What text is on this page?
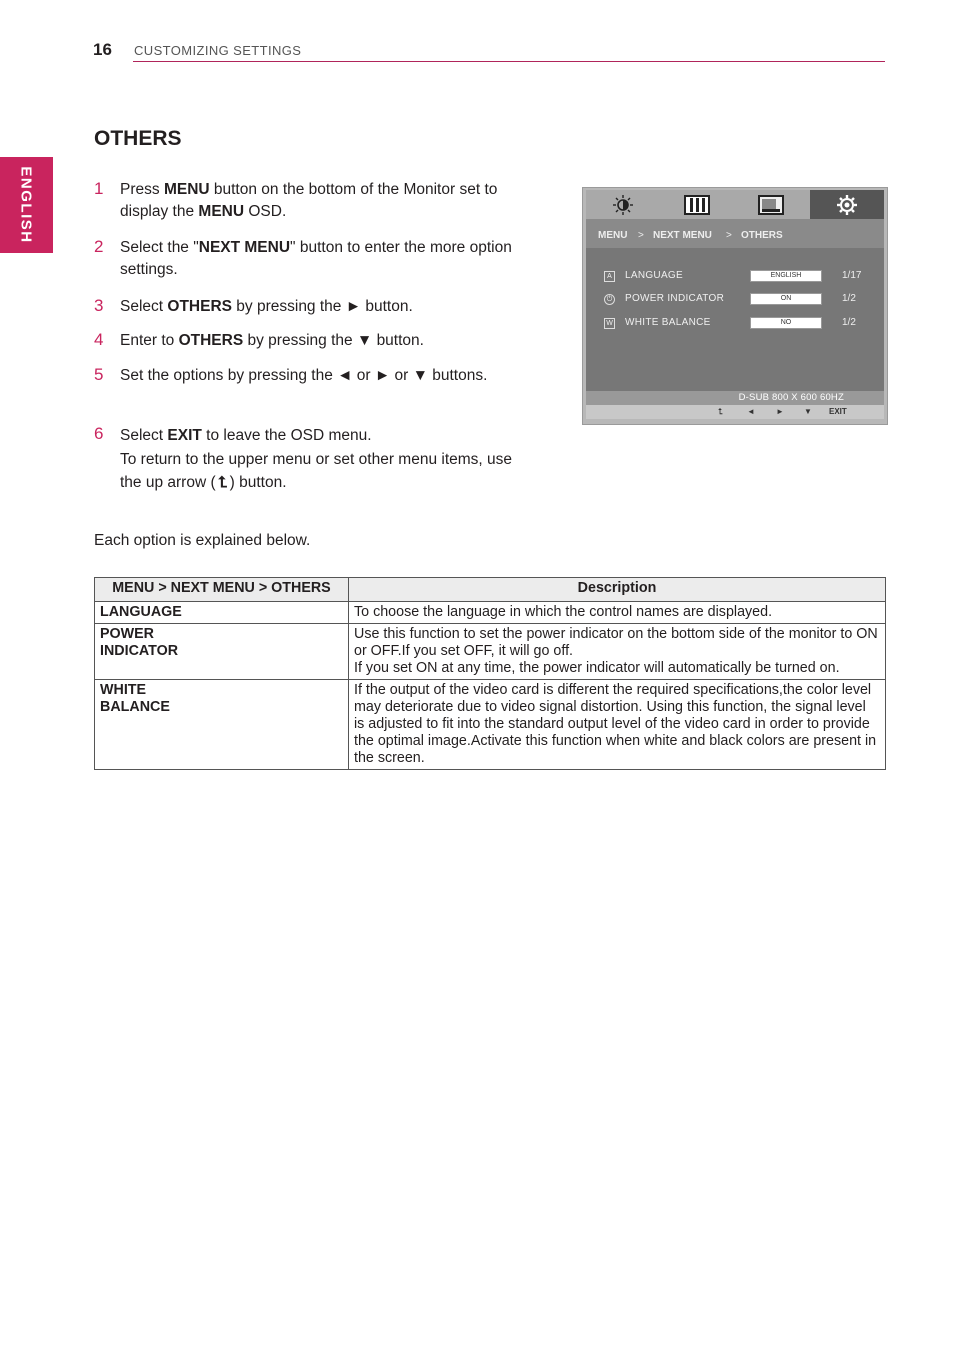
16 CUSTOMIZING SETTINGS
ENGLISH
OTHERS
1 Press MENU button on the bottom of the Monitor set to display the MENU OSD.
2 Select the "NEXT MENU" button to enter the more option settings.
3 Select OTHERS by pressing the ► button.
4 Enter to OTHERS by pressing the ▼ button.
5 Set the options by pressing the ◄ or ► or ▼ buttons.
6 Select EXIT to leave the OSD menu.
To return to the upper menu or set other menu items, use the up arrow ( ⮤ ) button.
MENU > NEXT MENU > OTHERS
A	LANGUAGE	ENGLISH	1/17
⏻ POWER INDICATOR	ON	1/2
W WHITE BALANCE	NO	1/2
D-SUB 800 X 600 60HZ
⮤	◄	►	▼ EXIT
Each option is explained below.
MENU > NEXT MENU > OTHERS	Description

LANGUAGE	To choose the language in which the control names are displayed.

POWER
INDICATOR	Use this function to set the power indicator on the bottom side of the monitor to ON or OFF.If you set OFF, it will go off.
If you set ON at any time, the power indicator will automatically be turned on.

WHITE
BALANCE	If the output of the video card is different the required specifications,the color level may deteriorate due to video signal distortion. Using this function, the signal level is adjusted to fit into the standard output level of the video card in order to provide the optimal image.Activate this function when white and black colors are present in the screen.
